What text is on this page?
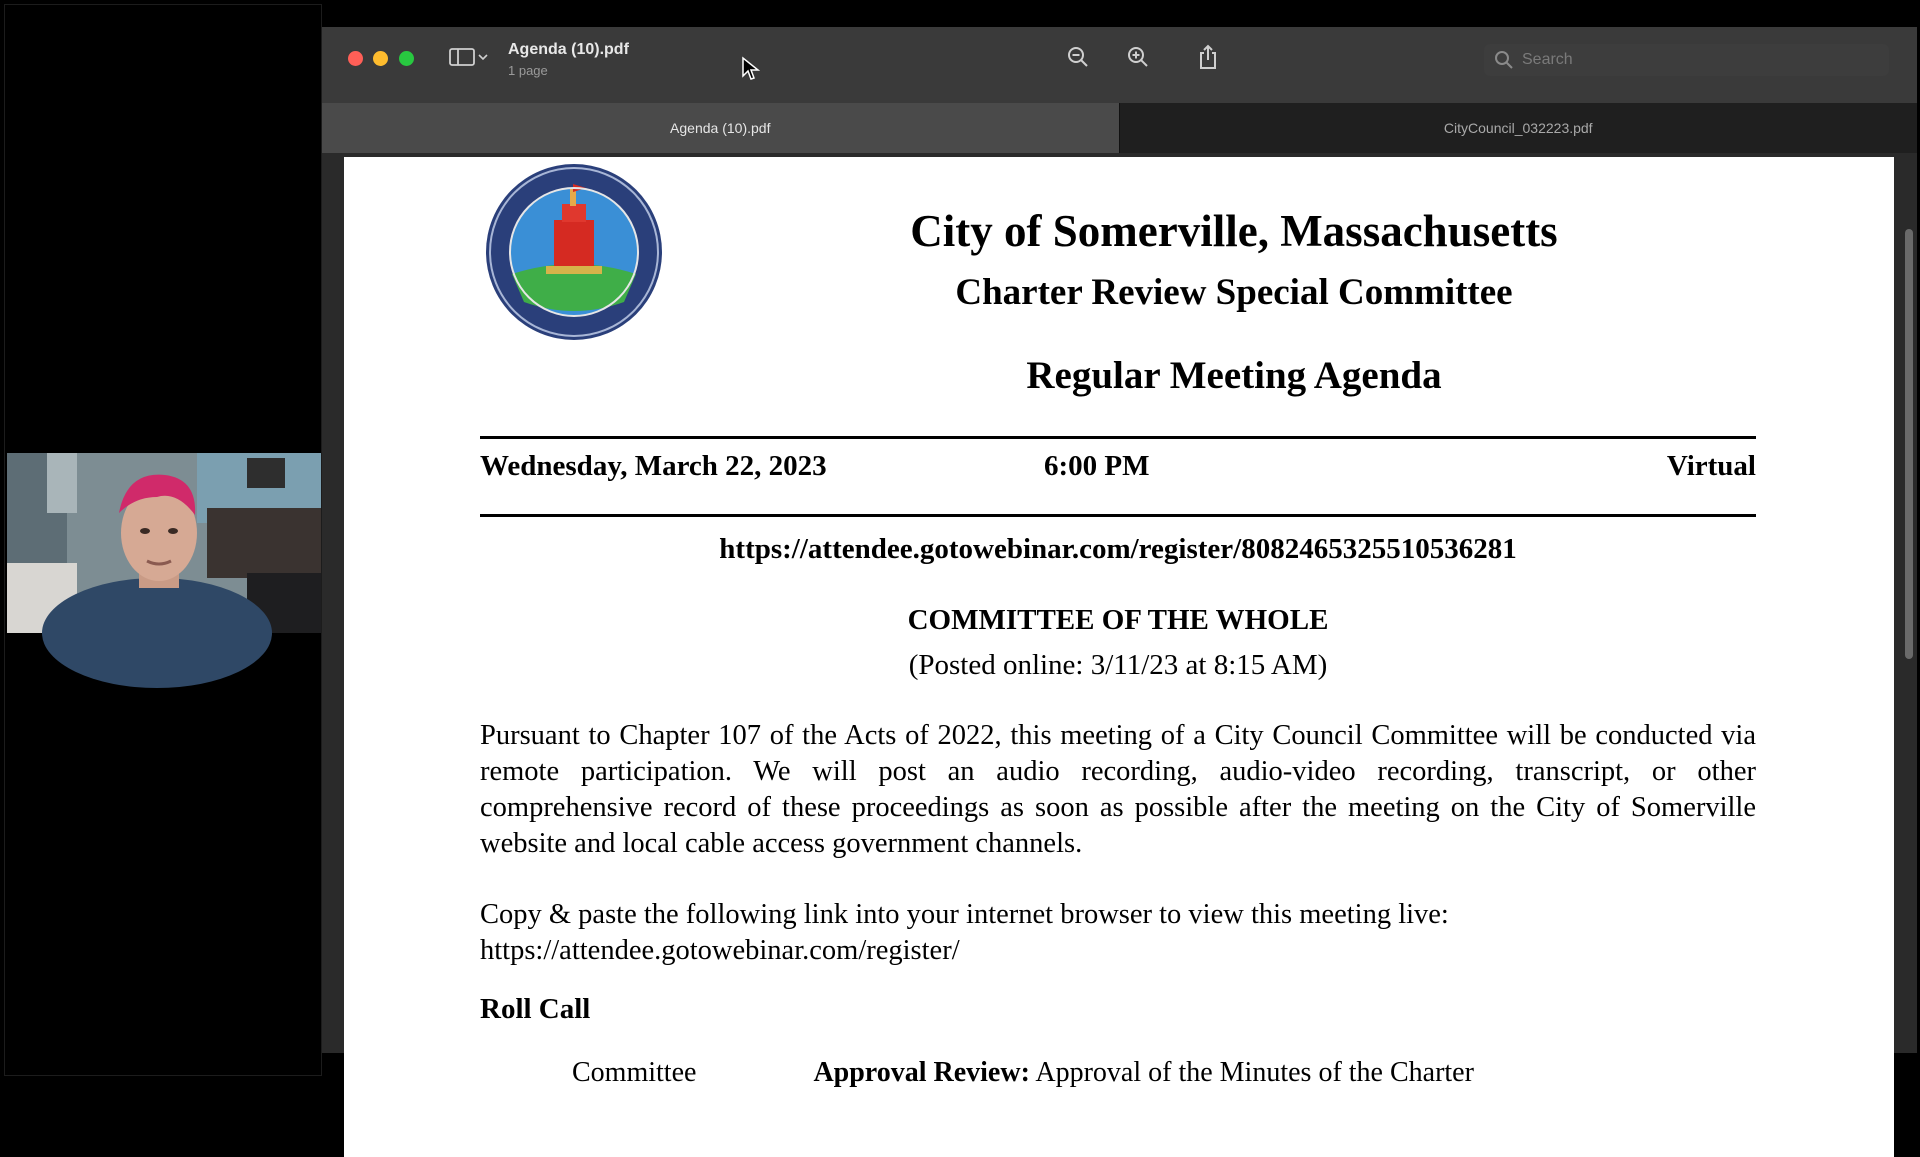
Agenda (10).pdf
1 page
Search
Agenda (10).pdf	CityCouncil_032223.pdf
City of Somerville, Massachusetts
Charter Review Special Committee
Regular Meeting Agenda
Wednesday, March 22, 2023	6:00 PM	Virtual
https://attendee.gotowebinar.com/register/8082465325510536281
COMMITTEE OF THE WHOLE
(Posted online: 3/11/23 at 8:15 AM)
Pursuant to Chapter 107 of the Acts of 2022, this meeting of a City Council Committee will be conducted via remote participation. We will post an audio recording, audio-video recording, transcript, or other comprehensive record of these proceedings as soon as possible after the meeting on the City of Somerville website and local cable access government channels.
Copy & paste the following link into your internet browser to view this meeting live:
https://attendee.gotowebinar.com/register/
Roll Call
Committee	Approval Review: Approval of the Minutes of the Charter
